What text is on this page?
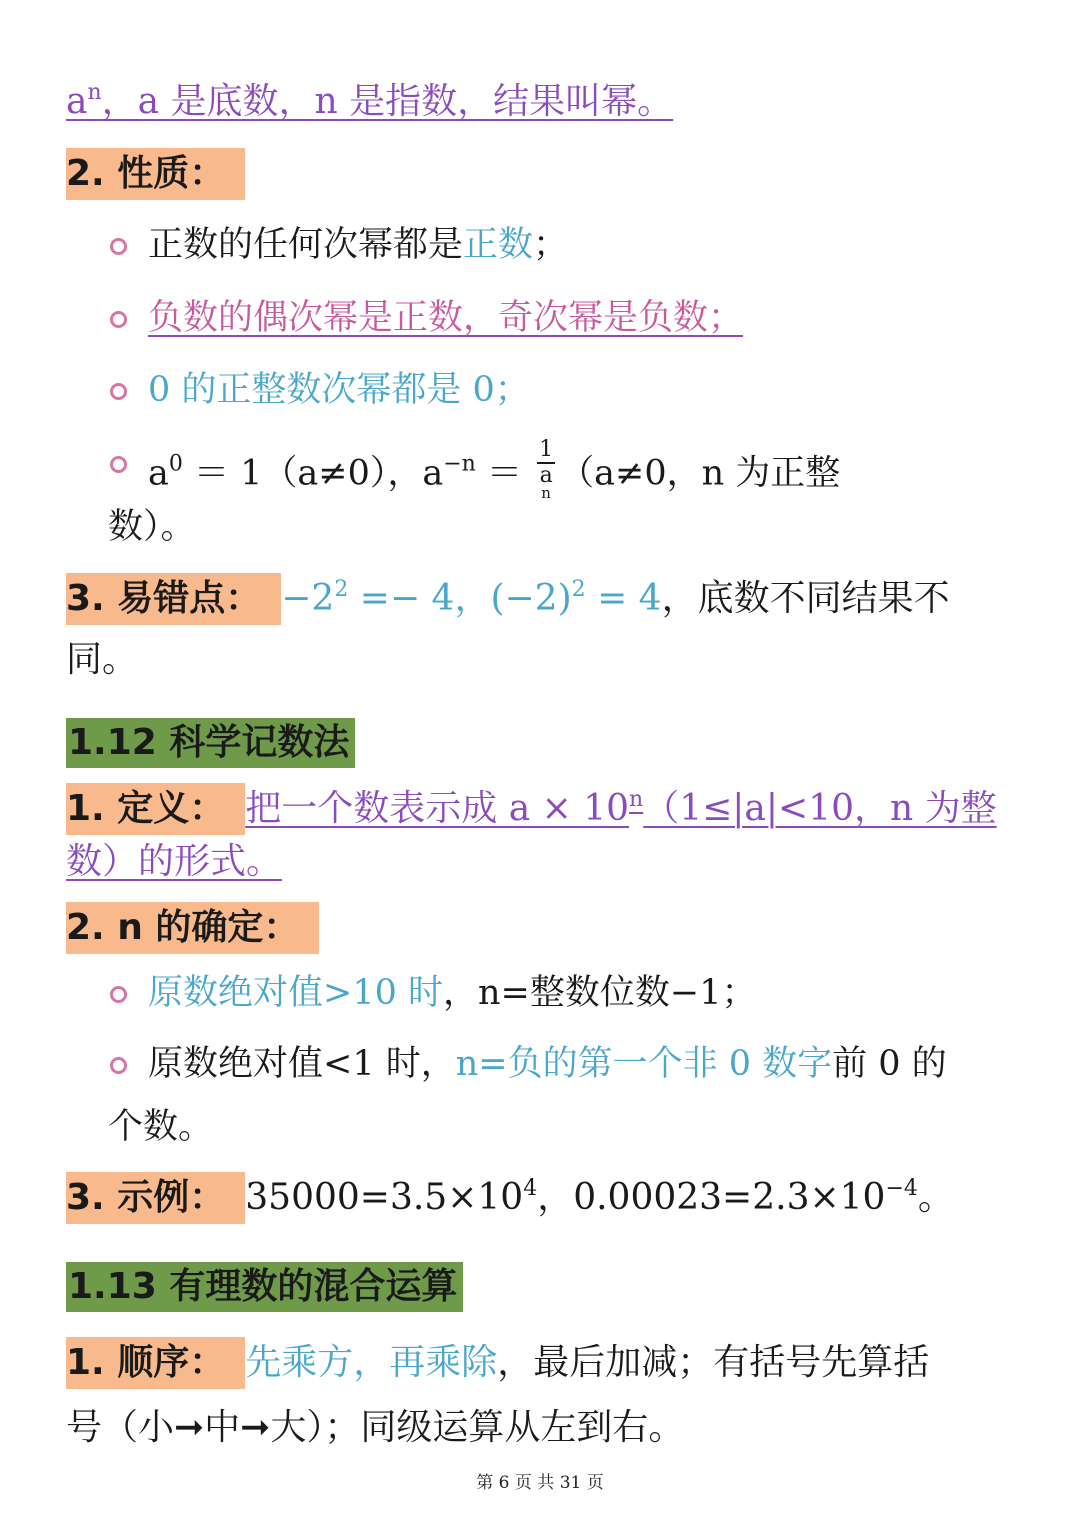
$a^n$，a 是底数，n 是指数，结果叫幂。
2. 性质：
正数的任何次幂都是正数；
负数的偶次幂是正数，奇次幂是负数；
0 的正整数次幂都是 0；
$a^0 = 1(a\ne 0)$，$a^{-n} = 1$
a
$^n$ （a≠0，n 为正整
数）。
3. 易错点： $-2^2 =- 4$，$(-2)^2 = 4$，底数不同结果不
同。
1.12 科学记数法
1. 定义： 把一个数表示成 $a \times 10^n(1\le|a|<10$，n 为整
数）的形式。
2. n 的确定：
原数绝对值>10 时，n=整数位数−1；
原数绝对值<1 时，n=负的第一个非 0 数字前 0 的
个数。
3. 示例： $35000=3.5\times 10^4$，$0.00023=2.3\times 10^{-4}$。
1.13 有理数的混合运算
1. 顺序： 先乘方，再乘除，最后加减；有括号先算括
号（小➞中➞大）；同级运算从左到右。
第 6 页 共 31 页
